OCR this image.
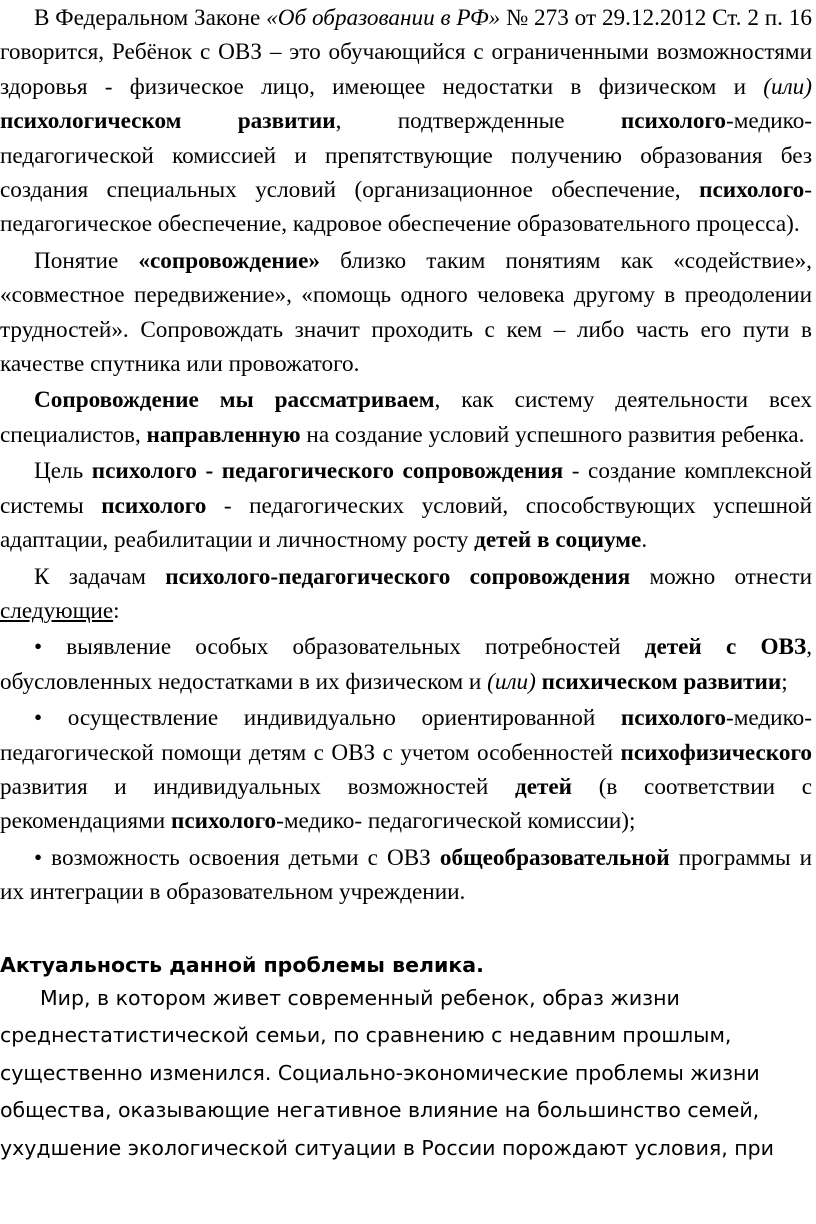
В Федеральном Законе «Об образовании в РФ» № 273 от 29.12.2012 Ст. 2 п. 16 говорится, Ребёнок с ОВЗ – это обучающийся с ограниченными возможностями здоровья - физическое лицо, имеющее недостатки в физическом и (или) психологическом развитии, подтвержденные психолого-медико-педагогической комиссией и препятствующие получению образования без создания специальных условий (организационное обеспечение, психолого-педагогическое обеспечение, кадровое обеспечение образовательного процесса).

Понятие «сопровождение» близко таким понятиям как «содействие», «совместное передвижение», «помощь одного человека другому в преодолении трудностей». Сопровождать значит проходить с кем – либо часть его пути в качестве спутника или провожатого.

Сопровождение мы рассматриваем, как систему деятельности всех специалистов, направленную на создание условий успешного развития ребенка.

Цель психолого - педагогического сопровождения - создание комплексной системы психолого - педагогических условий, способствующих успешной адаптации, реабилитации и личностному росту детей в социуме.

К задачам психолого-педагогического сопровождения можно отнести следующие:

• выявление особых образовательных потребностей детей с ОВЗ, обусловленных недостатками в их физическом и (или) психическом развитии;

• осуществление индивидуально ориентированной психолого-медико-педагогической помощи детям с ОВЗ с учетом особенностей психофизического развития и индивидуальных возможностей детей (в соответствии с рекомендациями психолого-медико- педагогической комиссии);

• возможность освоения детьми с ОВЗ общеобразовательной программы и их интеграции в образовательном учреждении.

Актуальность данной проблемы велика.

Мир, в котором живет современный ребенок, образ жизни среднестатистической семьи, по сравнению с недавним прошлым, существенно изменился. Социально-экономические проблемы жизни общества, оказывающие негативное влияние на большинство семей, ухудшение экологической ситуации в России порождают условия, при
